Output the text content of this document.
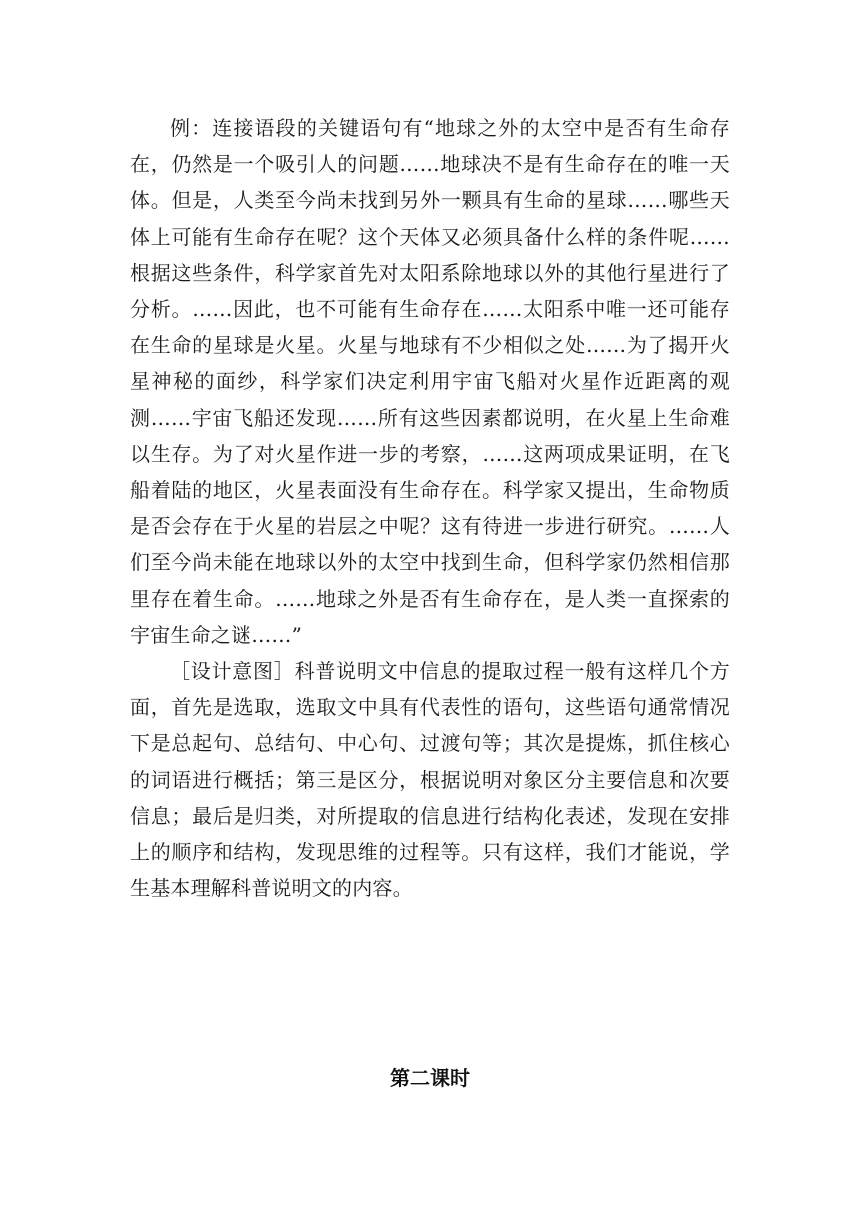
例：连接语段的关键语句有“地球之外的太空中是否有生命存在，仍然是一个吸引人的问题……地球决不是有生命存在的唯一天体。但是，人类至今尚未找到另外一颗具有生命的星球……哪些天体上可能有生命存在呢？这个天体又必须具备什么样的条件呢……根据这些条件，科学家首先对太阳系除地球以外的其他行星进行了分析。……因此，也不可能有生命存在……太阳系中唯一还可能存在生命的星球是火星。火星与地球有不少相似之处……为了揭开火星神秘的面纱，科学家们决定利用宇宙飞船对火星作近距离的观测……宇宙飞船还发现……所有这些因素都说明，在火星上生命难以生存。为了对火星作进一步的考察，……这两项成果证明，在飞船着陆的地区，火星表面没有生命存在。科学家又提出，生命物质是否会存在于火星的岩层之中呢？这有待进一步进行研究。……人们至今尚未能在地球以外的太空中找到生命，但科学家仍然相信那里存在着生命。……地球之外是否有生命存在，是人类一直探索的宇宙生命之谜……”

［设计意图］科普说明文中信息的提取过程一般有这样几个方面，首先是选取，选取文中具有代表性的语句，这些语句通常情况下是总起句、总结句、中心句、过渡句等；其次是提炼，抓住核心的词语进行概括；第三是区分，根据说明对象区分主要信息和次要信息；最后是归类，对所提取的信息进行结构化表述，发现在安排上的顺序和结构，发现思维的过程等。只有这样，我们才能说，学生基本理解科普说明文的内容。

第二课时
